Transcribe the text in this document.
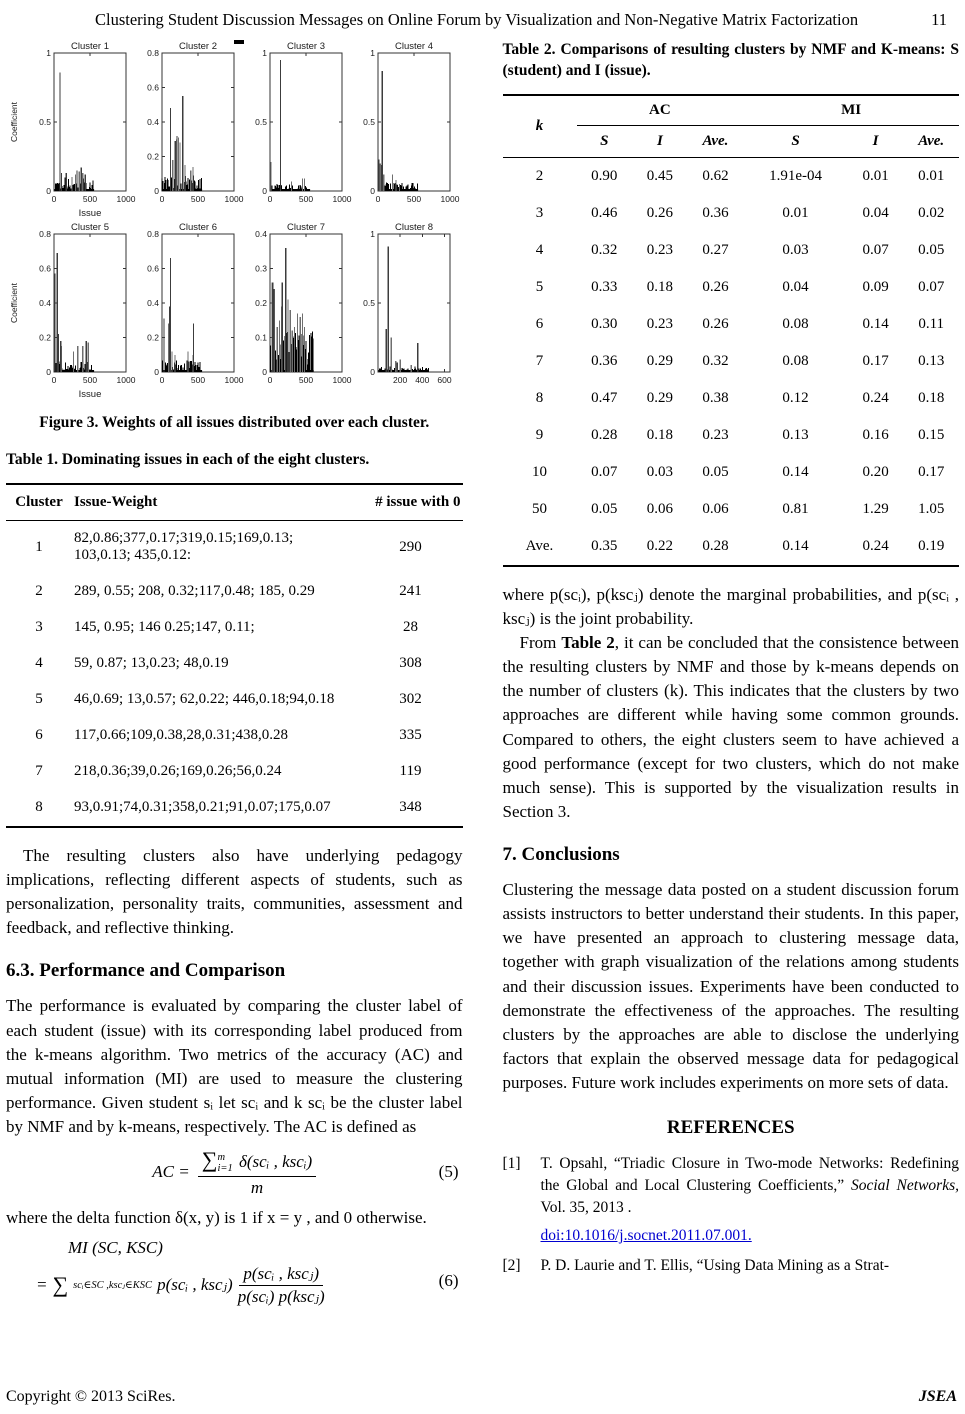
Clustering Student Discussion Messages on Online Forum by Visualization and Non-Negative Matrix Factorization	11
Cluster 1
0
0.5
1
0	500 1000
Coefficient
Issue
Cluster 2
0
0.2
0.4
0.6
0.8
0	500 1000
Cluster 3
0
0.5
1
0	500 1000
Cluster 4
0
0.5
1
0	500 1000
Cluster 5
0
0.2
0.4
0.6
0.8
0	500 1000
Coefficient
Issue
Cluster 6
0
0.2
0.4
0.6
0.8
0	500 1000
Cluster 7
0
0.1
0.2
0.3
0.4
0	500 1000
Cluster 8
0
0.5
1
200 400 600
Figure 3. Weights of all issues distributed over each cluster.
Table 1. Dominating issues in each of the eight clusters.
Cluster	Issue-Weight	# issue with 0
1	82,0.86;377,0.17;319,0.15;169,0.13; 103,0.13; 435,0.12:	290
2	289, 0.55; 208, 0.32;117,0.48; 185, 0.29	241
3	145, 0.95; 146 0.25;147, 0.11;	28
4	59, 0.87; 13,0.23; 48,0.19	308
5	46,0.69; 13,0.57; 62,0.22; 446,0.18;94,0.18	302
6	117,0.66;109,0.38,28,0.31;438,0.28	335
7	218,0.36;39,0.26;169,0.26;56,0.24	119
8	93,0.91;74,0.31;358,0.21;91,0.07;175,0.07	348

The resulting clusters also have underlying pedagogy implications, reflecting different aspects of students, such as personalization, personality traits, communities, assessment and feedback, and reflective thinking.

6.3. Performance and Comparison

The performance is evaluated by comparing the cluster label of each student (issue) with its corresponding label produced from the k-means algorithm. Two metrics of the accuracy (AC) and mutual information (MI) are used to measure the clustering performance. Given student sᵢ let scᵢ and k scᵢ be the cluster label by NMF and by k-means, respectively. The AC is defined as

AC = ∑ m
i=1 δ(scᵢ , kscᵢ)
m	(5)

where the delta function δ(x, y) is 1 if x = y , and 0 otherwise.

MI (SC, KSC)
= ∑ scᵢ∈SC ,kscⱼ∈KSC p(scᵢ , kscⱼ) $\frac{\text{p(scᵢ , kscⱼ)}}{\text{p(scᵢ) p(kscⱼ)}}$	(6)
Table 2. Comparisons of resulting clusters by NMF and K-means: S (student) and I (issue).
k	AC			MI		
	S	I	Ave.	S	I	Ave.
2	0.90	0.45	0.62	1.91e-04	0.01	0.01
3	0.46	0.26	0.36	0.01	0.04	0.02
4	0.32	0.23	0.27	0.03	0.07	0.05
5	0.33	0.18	0.26	0.04	0.09	0.07
6	0.30	0.23	0.26	0.08	0.14	0.11
7	0.36	0.29	0.32	0.08	0.17	0.13
8	0.47	0.29	0.38	0.12	0.24	0.18
9	0.28	0.18	0.23	0.13	0.16	0.15
10	0.07	0.03	0.05	0.14	0.20	0.17
50	0.05	0.06	0.06	0.81	1.29	1.05
Ave.	0.35	0.22	0.28	0.14	0.24	0.19

where p(scᵢ), p(kscⱼ) denote the marginal probabilities, and p(scᵢ , kscⱼ) is the joint probability.

From Table 2, it can be concluded that the consistence between the resulting clusters by NMF and those by k-means depends on the number of clusters (k). This indicates that the clusters by two approaches are different while having some common grounds. Compared to others, the eight clusters seem to have achieved a good performance (except for two clusters, which do not make much sense). This is supported by the visualization results in Section 3.

7. Conclusions

Clustering the message data posted on a student discussion forum assists instructors to better understand their students. In this paper, we have presented an approach to clustering message data, together with graph visualization of the relations among students and their discussion issues. Experiments have been conducted to demonstrate the effectiveness of the approaches. The resulting clusters by the approaches are able to disclose the underlying factors that explain the observed message data for pedagogical purposes. Future work includes experiments on more sets of data.

REFERENCES
[1]	T. Opsahl, “Triadic Closure in Two-mode Networks: Redefining the Global and Local Clustering Coefficients,” Social Networks, Vol. 35, 2013 .
doi:10.1016/j.socnet.2011.07.001.
[2]	P. D. Laurie and T. Ellis, “Using Data Mining as a Strat-
Copyright © 2013 SciRes.	JSEA
